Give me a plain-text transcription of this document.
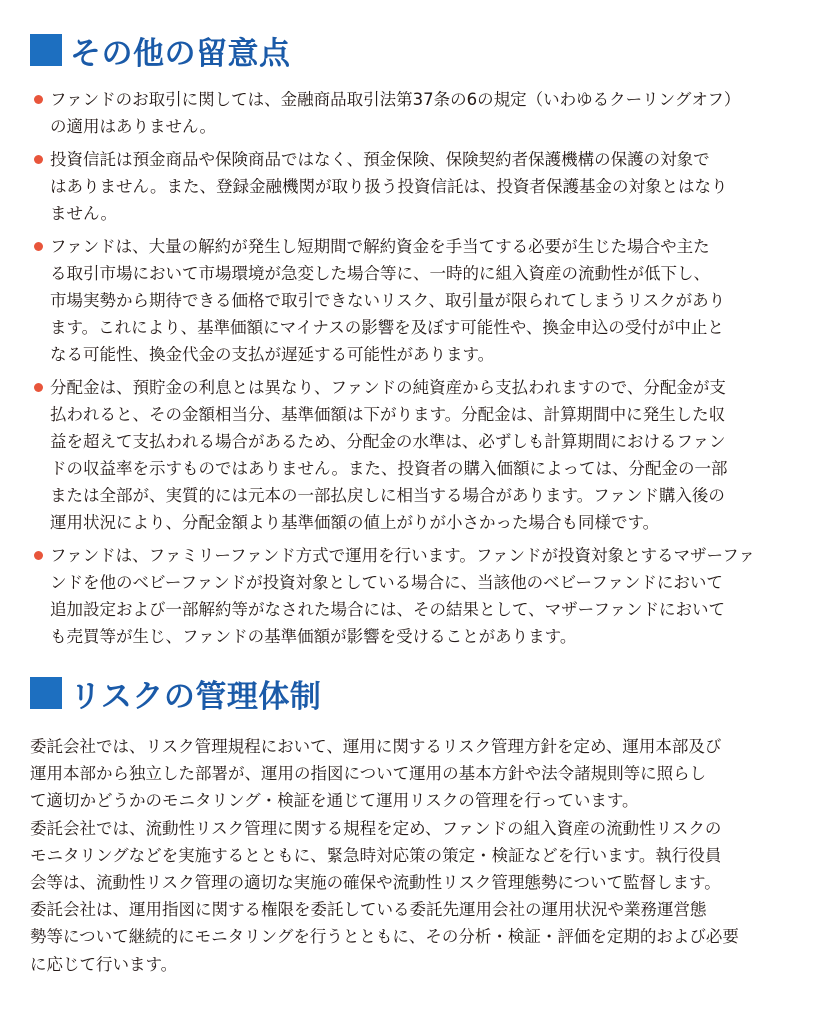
その他の留意点
ファンドのお取引に関しては、金融商品取引法第37条の6の規定（いわゆるクーリングオフ）
の適用はありません。
投資信託は預金商品や保険商品ではなく、預金保険、保険契約者保護機構の保護の対象で
はありません。また、登録金融機関が取り扱う投資信託は、投資者保護基金の対象とはなり
ません。
ファンドは、大量の解約が発生し短期間で解約資金を手当てする必要が生じた場合や主た
る取引市場において市場環境が急変した場合等に、一時的に組入資産の流動性が低下し、
市場実勢から期待できる価格で取引できないリスク、取引量が限られてしまうリスクがあり
ます。これにより、基準価額にマイナスの影響を及ぼす可能性や、換金申込の受付が中止と
なる可能性、換金代金の支払が遅延する可能性があります。
分配金は、預貯金の利息とは異なり、ファンドの純資産から支払われますので、分配金が支
払われると、その金額相当分、基準価額は下がります。分配金は、計算期間中に発生した収
益を超えて支払われる場合があるため、分配金の水準は、必ずしも計算期間におけるファン
ドの収益率を示すものではありません。また、投資者の購入価額によっては、分配金の一部
または全部が、実質的には元本の一部払戻しに相当する場合があります。ファンド購入後の
運用状況により、分配金額より基準価額の値上がりが小さかった場合も同様です。
ファンドは、ファミリーファンド方式で運用を行います。ファンドが投資対象とするマザーファ
ンドを他のベビーファンドが投資対象としている場合に、当該他のベビーファンドにおいて
追加設定および一部解約等がなされた場合には、その結果として、マザーファンドにおいて
も売買等が生じ、ファンドの基準価額が影響を受けることがあります。
リスクの管理体制
委託会社では、リスク管理規程において、運用に関するリスク管理方針を定め、運用本部及び
運用本部から独立した部署が、運用の指図について運用の基本方針や法令諸規則等に照らし
て適切かどうかのモニタリング・検証を通じて運用リスクの管理を行っています。
委託会社では、流動性リスク管理に関する規程を定め、ファンドの組入資産の流動性リスクの
モニタリングなどを実施するとともに、緊急時対応策の策定・検証などを行います。執行役員
会等は、流動性リスク管理の適切な実施の確保や流動性リスク管理態勢について監督します。
委託会社は、運用指図に関する権限を委託している委託先運用会社の運用状況や業務運営態
勢等について継続的にモニタリングを行うとともに、その分析・検証・評価を定期的および必要
に応じて行います。
